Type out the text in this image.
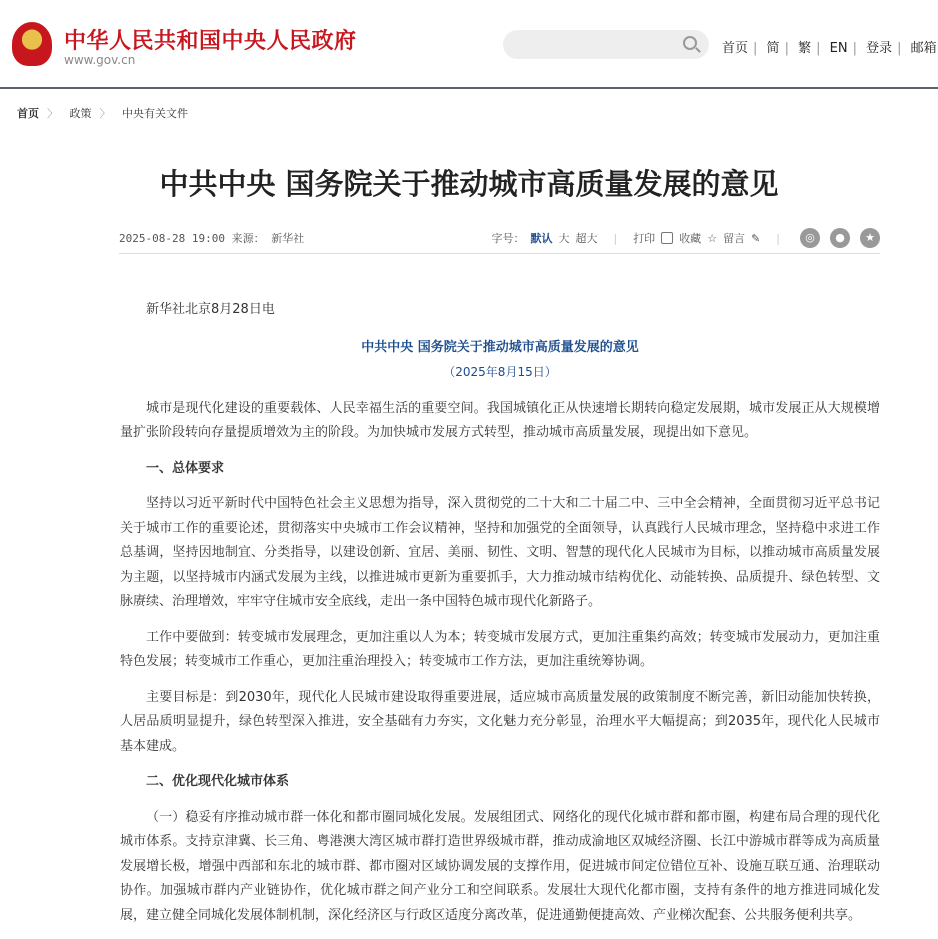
中华人民共和国中央人民政府
www.gov.cn
首页 | 简 | 繁 | EN | 登录 | 邮箱
首页 〉 政策 〉 中央有关文件
中共中央 国务院关于推动城市高质量发展的意见
2025-08-28 19:00 来源： 新华社	字号： 默认 大 超大 | 打印 收藏 ☆ 留言 ✎ |	◎	●	★

新华社北京8月28日电

中共中央 国务院关于推动城市高质量发展的意见

（2025年8月15日）

城市是现代化建设的重要载体、人民幸福生活的重要空间。我国城镇化正从快速增长期转向稳定发展期，城市发展正从大规模增量扩张阶段转向存量提质增效为主的阶段。为加快城市发展方式转型，推动城市高质量发展，现提出如下意见。

一、总体要求

坚持以习近平新时代中国特色社会主义思想为指导，深入贯彻党的二十大和二十届二中、三中全会精神，全面贯彻习近平总书记关于城市工作的重要论述，贯彻落实中央城市工作会议精神，坚持和加强党的全面领导，认真践行人民城市理念，坚持稳中求进工作总基调，坚持因地制宜、分类指导，以建设创新、宜居、美丽、韧性、文明、智慧的现代化人民城市为目标，以推动城市高质量发展为主题，以坚持城市内涵式发展为主线，以推进城市更新为重要抓手，大力推动城市结构优化、动能转换、品质提升、绿色转型、文脉赓续、治理增效，牢牢守住城市安全底线，走出一条中国特色城市现代化新路子。

工作中要做到：转变城市发展理念，更加注重以人为本；转变城市发展方式，更加注重集约高效；转变城市发展动力，更加注重特色发展；转变城市工作重心，更加注重治理投入；转变城市工作方法，更加注重统筹协调。

主要目标是：到2030年，现代化人民城市建设取得重要进展，适应城市高质量发展的政策制度不断完善，新旧动能加快转换，人居品质明显提升，绿色转型深入推进，安全基础有力夯实，文化魅力充分彰显，治理水平大幅提高；到2035年，现代化人民城市基本建成。

二、优化现代化城市体系

（一）稳妥有序推动城市群一体化和都市圈同城化发展。发展组团式、网络化的现代化城市群和都市圈，构建布局合理的现代化城市体系。支持京津冀、长三角、粤港澳大湾区城市群打造世界级城市群，推动成渝地区双城经济圈、长江中游城市群等成为高质量发展增长极，增强中西部和东北的城市群、都市圈对区域协调发展的支撑作用，促进城市间定位错位互补、设施互联互通、治理联动协作。加强城市群内产业链协作，优化城市群之间产业分工和空间联系。发展壮大现代化都市圈，支持有条件的地方推进同城化发展，建立健全同城化发展体制机制，深化经济区与行政区适度分离改革，促进通勤便捷高效、产业梯次配套、公共服务便利共享。
